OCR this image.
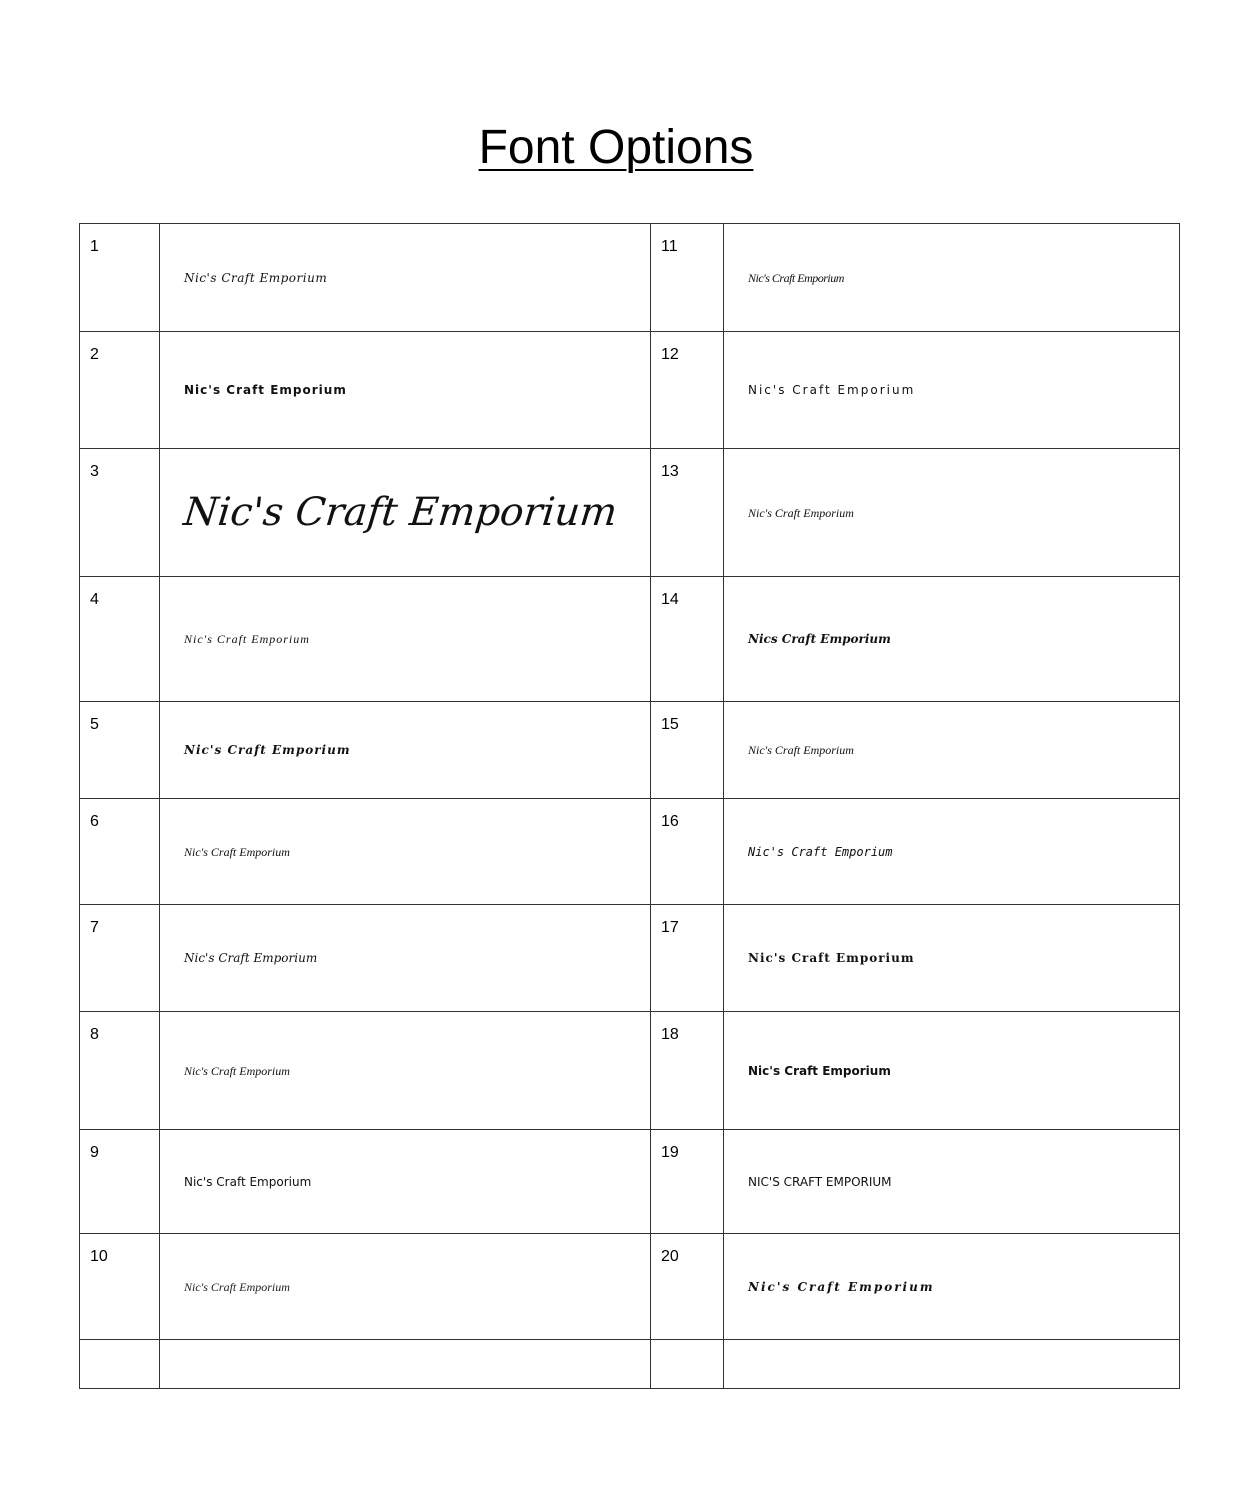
Font Options
1	Nic's Craft Emporium	11	Nic's Craft Emporium

2	Nic's Craft Emporium	12	Nic's Craft Emporium

3	Nic's Craft Emporium	13	Nic's Craft Emporium

4	Nic's Craft Emporium	14	Nics Craft Emporium

5	Nic's Craft Emporium	15	Nic's Craft Emporium

6	Nic's Craft Emporium	16	Nic's Craft Emporium

7	Nic's Craft Emporium	17	Nic's Craft Emporium

8	Nic's Craft Emporium	18	Nic's Craft Emporium

9	Nic's Craft Emporium	19	NIC'S CRAFT EMPORIUM

10	Nic's Craft Emporium	20	Nic's Craft Emporium
